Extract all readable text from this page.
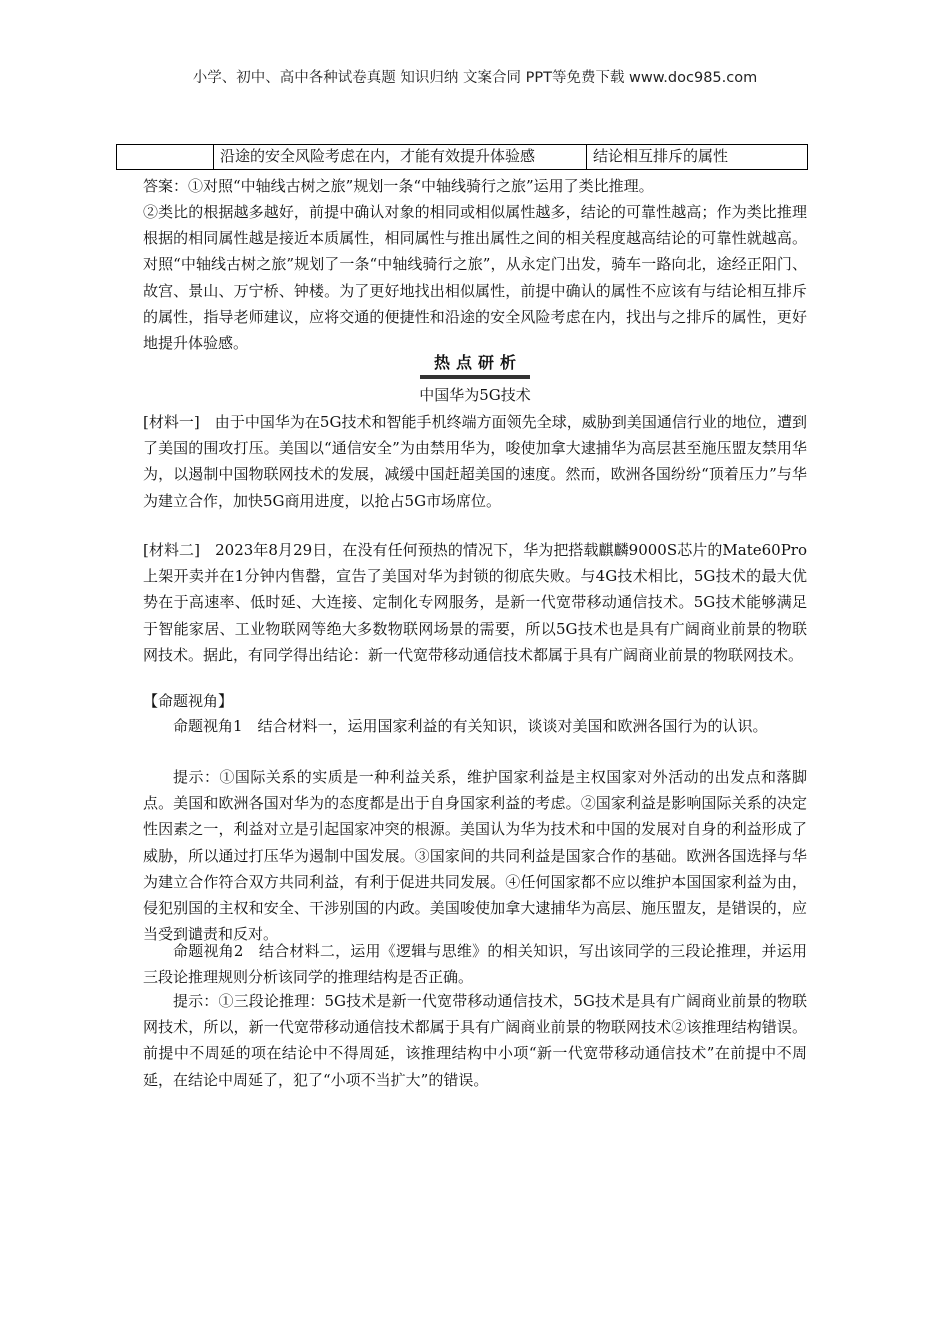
小学、初中、高中各种试卷真题 知识归纳 文案合同 PPT等免费下载 www.doc985.com
	沿途的安全风险考虑在内，才能有效提升体验感	结论相互排斥的属性

答案：①对照“中轴线古树之旅”规划一条“中轴线骑行之旅”运用了类比推理。

②类比的根据越多越好，前提中确认对象的相同或相似属性越多，结论的可靠性越高；作为类比推理根据的相同属性越是接近本质属性，相同属性与推出属性之间的相关程度越高结论的可靠性就越高。对照“中轴线古树之旅”规划了一条“中轴线骑行之旅”，从永定门出发，骑车一路向北，途经正阳门、故宫、景山、万宁桥、钟楼。为了更好地找出相似属性，前提中确认的属性不应该有与结论相互排斥的属性，指导老师建议，应将交通的便捷性和沿途的安全风险考虑在内，找出与之排斥的属性，更好地提升体验感。

热点研析
中国华为5G技术

[材料一]　由于中国华为在5G技术和智能手机终端方面领先全球，威胁到美国通信行业的地位，遭到了美国的围攻打压。美国以“通信安全”为由禁用华为，唆使加拿大逮捕华为高层甚至施压盟友禁用华为，以遏制中国物联网技术的发展，减缓中国赶超美国的速度。然而，欧洲各国纷纷“顶着压力”与华为建立合作，加快5G商用进度，以抢占5G市场席位。

[材料二]　2023年8月29日，在没有任何预热的情况下，华为把搭载麒麟9000S芯片的Mate60Pro上架开卖并在1分钟内售罄，宣告了美国对华为封锁的彻底失败。与4G技术相比，5G技术的最大优势在于高速率、低时延、大连接、定制化专网服务，是新一代宽带移动通信技术。5G技术能够满足于智能家居、工业物联网等绝大多数物联网场景的需要，所以5G技术也是具有广阔商业前景的物联网技术。据此，有同学得出结论：新一代宽带移动通信技术都属于具有广阔商业前景的物联网技术。

【命题视角】

命题视角1　结合材料一，运用国家利益的有关知识，谈谈对美国和欧洲各国行为的认识。

提示：①国际关系的实质是一种利益关系，维护国家利益是主权国家对外活动的出发点和落脚点。美国和欧洲各国对华为的态度都是出于自身国家利益的考虑。②国家利益是影响国际关系的决定性因素之一，利益对立是引起国家冲突的根源。美国认为华为技术和中国的发展对自身的利益形成了威胁，所以通过打压华为遏制中国发展。③国家间的共同利益是国家合作的基础。欧洲各国选择与华为建立合作符合双方共同利益，有利于促进共同发展。④任何国家都不应以维护本国国家利益为由，侵犯别国的主权和安全、干涉别国的内政。美国唆使加拿大逮捕华为高层、施压盟友，是错误的，应当受到谴责和反对。

命题视角2　结合材料二，运用《逻辑与思维》的相关知识，写出该同学的三段论推理，并运用三段论推理规则分析该同学的推理结构是否正确。

提示：①三段论推理：5G技术是新一代宽带移动通信技术，5G技术是具有广阔商业前景的物联网技术，所以，新一代宽带移动通信技术都属于具有广阔商业前景的物联网技术②该推理结构错误。前提中不周延的项在结论中不得周延，该推理结构中小项“新一代宽带移动通信技术”在前提中不周延，在结论中周延了，犯了“小项不当扩大”的错误。
